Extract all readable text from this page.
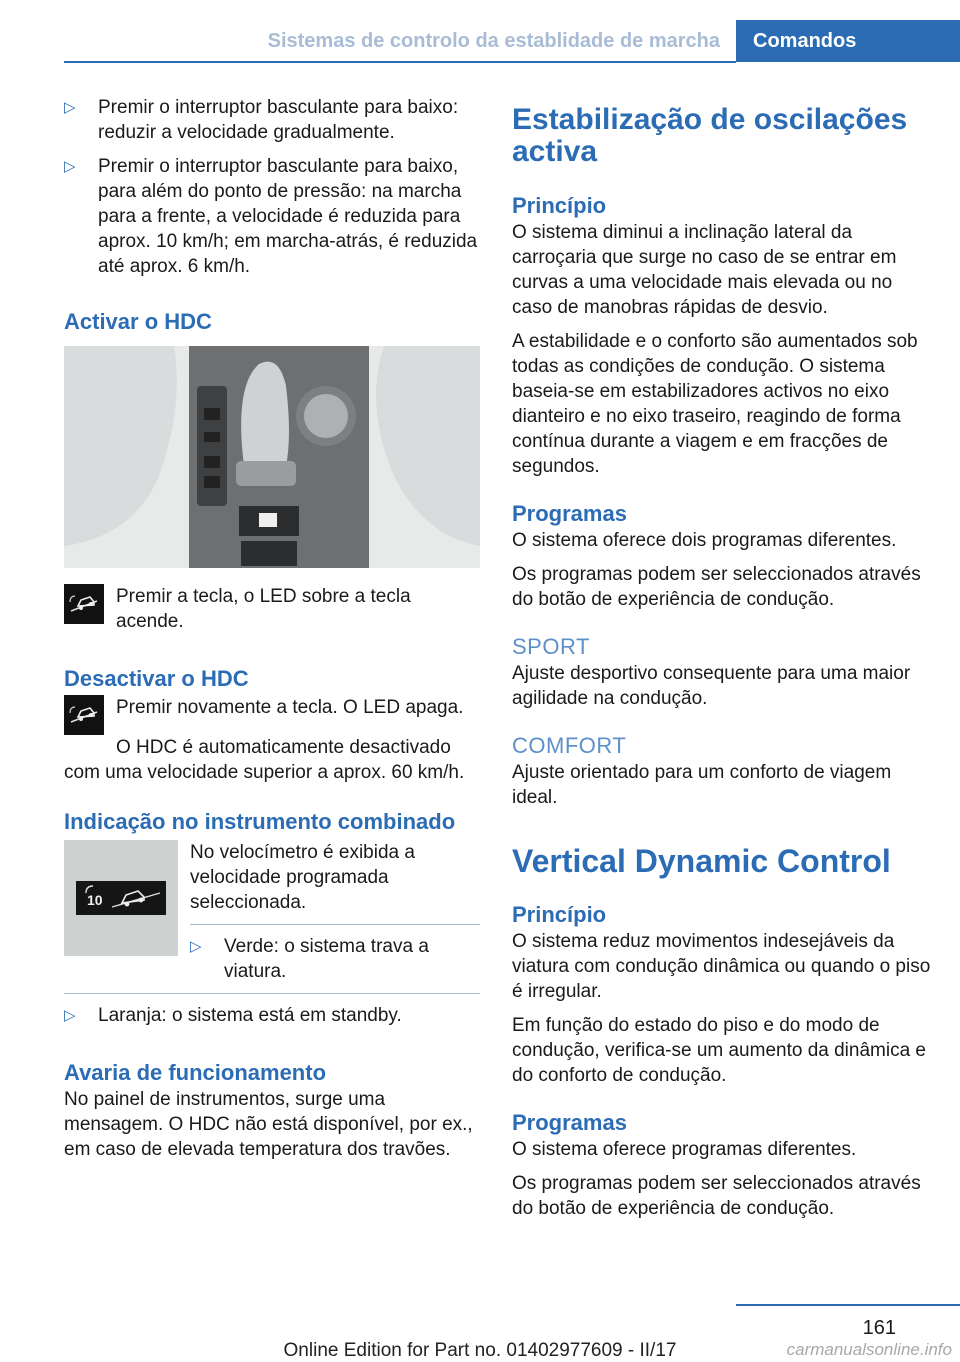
Sistemas de controlo da establidade de marcha	Comandos
▷ Premir o interruptor basculante para baixo: reduzir a velocidade gradualmente.
▷ Premir o interruptor basculante para baixo, para além do ponto de pressão: na marcha para a frente, a velocidade é reduzida para aprox. 10 km/h; em marcha-atrás, é reduzida até aprox. 6 km/h.
Activar o HDC

Premir a tecla, o LED sobre a tecla acende.

Desactivar o HDC

Premir novamente a tecla. O LED apaga.

O HDC é automaticamente desactivado com uma velocidade superior a aprox. 60 km/h.

Indicação no instrumento combinado
10

No velocímetro é exibida a velocidade programada seleccionada.

▷ Verde: o sistema trava a viatura.
▷ Laranja: o sistema está em standby.
Avaria de funcionamento

No painel de instrumentos, surge uma mensagem. O HDC não está disponível, por ex., em caso de elevada temperatura dos travões.

Estabilização de oscilações activa
Princípio

O sistema diminui a inclinação lateral da carroçaria que surge no caso de se entrar em curvas a uma velocidade mais elevada ou no caso de manobras rápidas de desvio.

A estabilidade e o conforto são aumentados sob todas as condições de condução. O sistema baseia-se em estabilizadores activos no eixo dianteiro e no eixo traseiro, reagindo de forma contínua durante a viagem e em fracções de segundos.

Programas

O sistema oferece dois programas diferentes.

Os programas podem ser seleccionados através do botão de experiência de condução.

SPORT

Ajuste desportivo consequente para uma maior agilidade na condução.

COMFORT

Ajuste orientado para um conforto de viagem ideal.

Vertical Dynamic Control
Princípio

O sistema reduz movimentos indesejáveis da viatura com condução dinâmica ou quando o piso é irregular.

Em função do estado do piso e do modo de condução, verifica-se um aumento da dinâmica e do conforto de condução.

Programas

O sistema oferece programas diferentes.

Os programas podem ser seleccionados através do botão de experiência de condução.

161
Online Edition for Part no. 01402977609 - II/17	carmanualsonline.info
